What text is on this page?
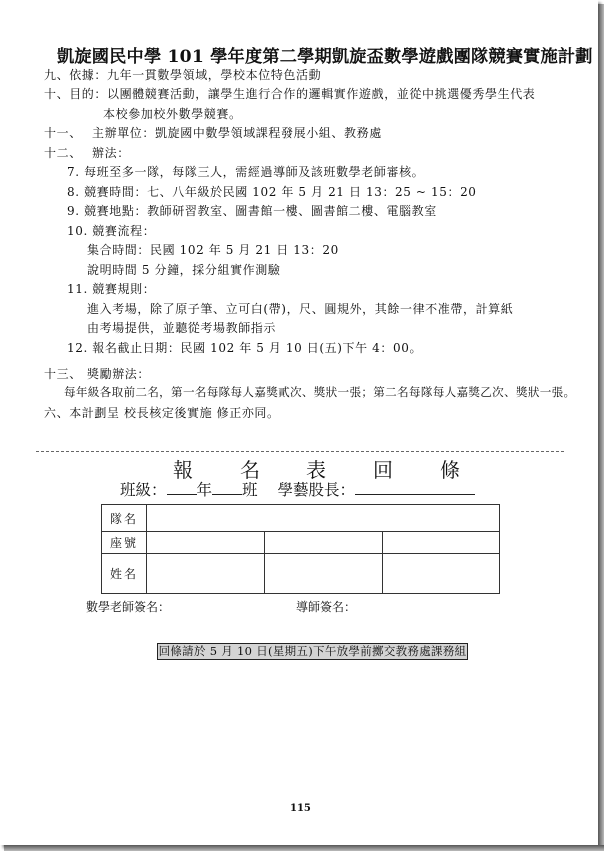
凱旋國民中學 101 學年度第二學期凱旋盃數學遊戲團隊競賽實施計劃
九、依據：九年一貫數學領域，學校本位特色活動
十、目的：以團體競賽活動，讓學生進行合作的邏輯實作遊戲，並從中挑選優秀學生代表
本校參加校外數學競賽。
十一、 主辦單位：凱旋國中數學領域課程發展小組、教務處
十二、 辦法：
7. 每班至多一隊，每隊三人，需經過導師及該班數學老師審核。
8. 競賽時間：七、八年級於民國 102 年 5 月 21 日 13：25 ~ 15：20
9. 競賽地點：教師研習教室、圖書館一樓、圖書館二樓、電腦教室
10. 競賽流程：
集合時間：民國 102 年 5 月 21 日 13：20
說明時間 5 分鐘，採分組實作測驗
11. 競賽規則：
進入考場，除了原子筆、立可白(帶)，尺、圓規外，其餘一律不准帶，計算紙
由考場提供，並聽從考場教師指示
12. 報名截止日期：民國 102 年 5 月 10 日(五)下午 4：00。
十三、 獎勵辦法：
每年級各取前二名，第一名每隊每人嘉獎貳次、獎狀一張；第二名每隊每人嘉獎乙次、獎狀一張。
六、本計劃呈 校長核定後實施 修正亦同。
報 名 表 回 條
班級： 年 班 學藝股長：
隊名			
座號			
姓名			
數學老師簽名：	導師簽名：
回條請於 5 月 10 日(星期五)下午放學前擲交教務處課務組
115
